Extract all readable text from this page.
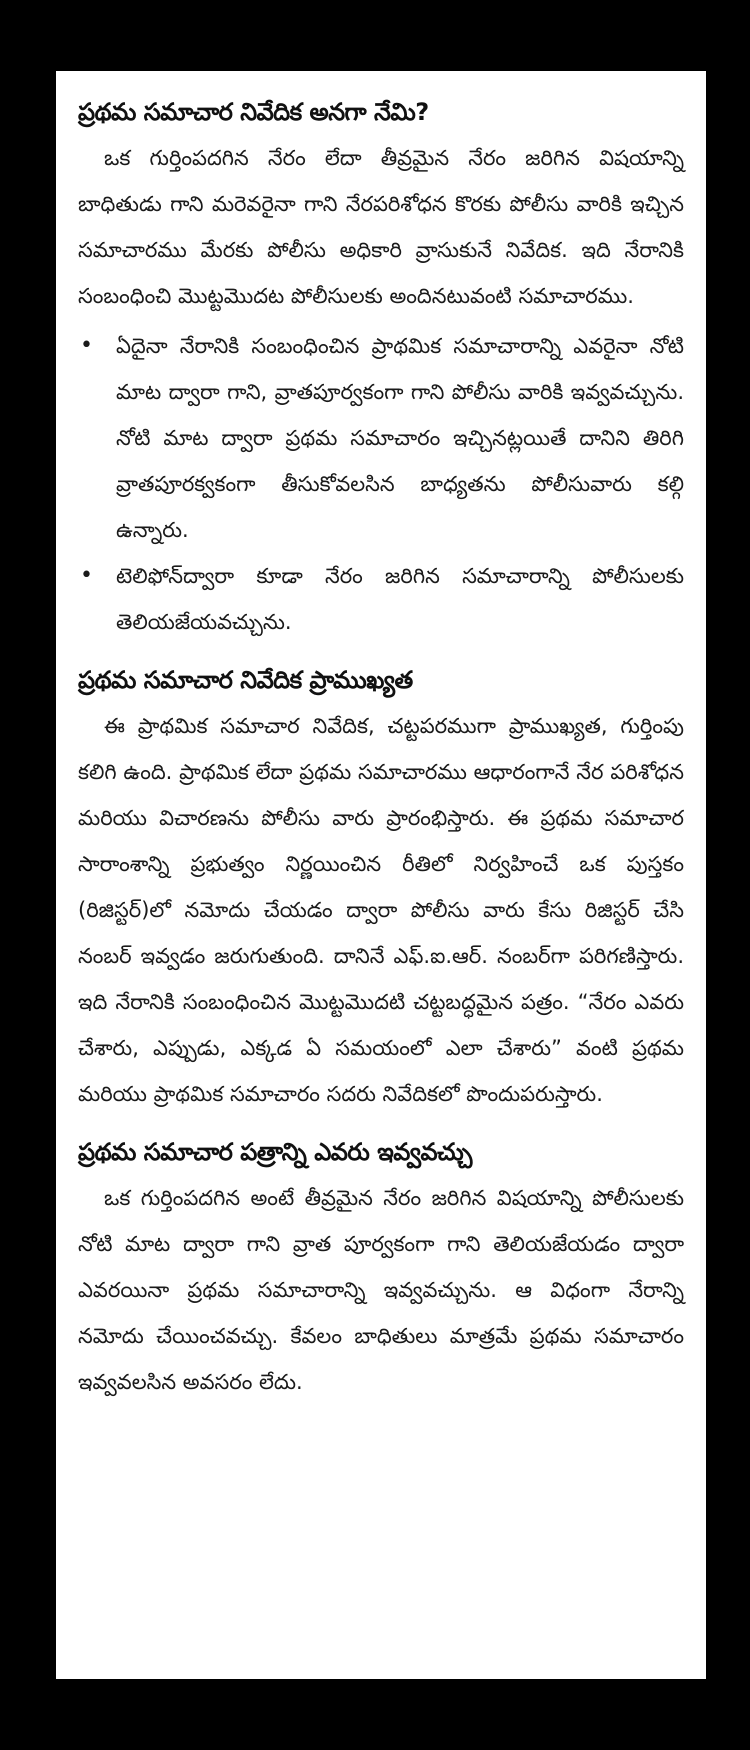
ప్రథమ సమాచార నివేదిక అనగా నేమి?

ఒక గుర్తింపదగిన నేరం లేదా తీవ్రమైన నేరం జరిగిన విషయాన్ని బాధితుడు గాని మరెవరైనా గాని నేరపరిశోధన కొరకు పోలీసు వారికి ఇచ్చిన సమాచారము మేరకు పోలీసు అధికారి వ్రాసుకునే నివేదిక. ఇది నేరానికి సంబంధించి మొట్టమొదట పోలీసులకు అందినటువంటి సమాచారము.

•	ఏదైనా నేరానికి సంబంధించిన ప్రాథమిక సమాచారాన్ని ఎవరైనా నోటి మాట ద్వారా గాని, వ్రాతపూర్వకంగా గాని పోలీసు వారికి ఇవ్వవచ్చును. నోటి మాట ద్వారా ప్రథమ సమాచారం ఇచ్చినట్లయితే దానిని తిరిగి వ్రాతపూరక్వకంగా తీసుకోవలసిన బాధ్యతను పోలీసువారు కల్గి ఉన్నారు.
•	టెలిఫోన్‌ద్వారా కూడా నేరం జరిగిన సమాచారాన్ని పోలీసులకు తెలియజేయవచ్చును.
ప్రథమ సమాచార నివేదిక ప్రాముఖ్యత

ఈ ప్రాథమిక సమాచార నివేదిక, చట్టపరముగా ప్రాముఖ్యత, గుర్తింపు కలిగి ఉంది. ప్రాథమిక లేదా ప్రథమ సమాచారము ఆధారంగానే నేర పరిశోధన మరియు విచారణను పోలీసు వారు ప్రారంభిస్తారు. ఈ ప్రథమ సమాచార సారాంశాన్ని ప్రభుత్వం నిర్ణయించిన రీతిలో నిర్వహించే ఒక పుస్తకం (రిజిస్టర్)లో నమోదు చేయడం ద్వారా పోలీసు వారు కేసు రిజిస్టర్ చేసి నంబర్ ఇవ్వడం జరుగుతుంది. దానినే ఎఫ్.ఐ.ఆర్. నంబర్‌గా పరిగణిస్తారు. ఇది నేరానికి సంబంధించిన మొట్టమొదటి చట్టబద్ధమైన పత్రం. “నేరం ఎవరు చేశారు, ఎప్పుడు, ఎక్కడ ఏ సమయంలో ఎలా చేశారు” వంటి ప్రథమ మరియు ప్రాథమిక సమాచారం సదరు నివేదికలో పొందుపరుస్తారు.

ప్రథమ సమాచార పత్రాన్ని ఎవరు ఇవ్వవచ్చు

ఒక గుర్తింపదగిన అంటే తీవ్రమైన నేరం జరిగిన విషయాన్ని పోలీసులకు నోటి మాట ద్వారా గాని వ్రాత పూర్వకంగా గాని తెలియజేయడం ద్వారా ఎవరయినా ప్రథమ సమాచారాన్ని ఇవ్వవచ్చును. ఆ విధంగా నేరాన్ని నమోదు చేయించవచ్చు. కేవలం బాధితులు మాత్రమే ప్రథమ సమాచారం ఇవ్వవలసిన అవసరం లేదు.
